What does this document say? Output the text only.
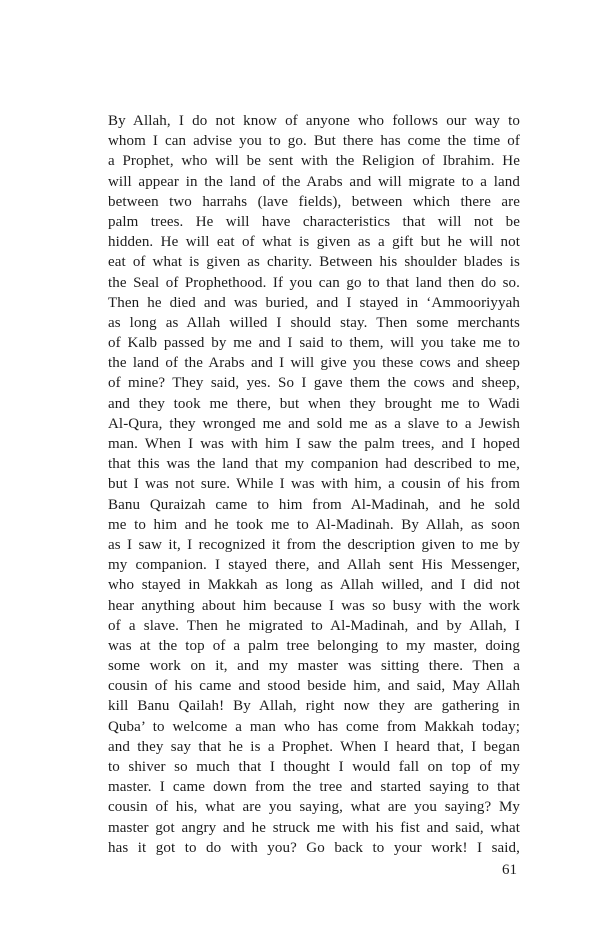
By Allah, I do not know of anyone who follows our way to
whom I can advise you to go. But there has come the time of
a Prophet, who will be sent with the Religion of Ibrahim. He
will appear in the land of the Arabs and will migrate to a land
between two harrahs (lave fields), between which there are
palm trees. He will have characteristics that will not be
hidden. He will eat of what is given as a gift but he will not
eat of what is given as charity. Between his shoulder blades is
the Seal of Prophethood. If you can go to that land then do so.
Then he died and was buried, and I stayed in ‘Ammooriyyah
as long as Allah willed I should stay. Then some merchants
of Kalb passed by me and I said to them, will you take me to
the land of the Arabs and I will give you these cows and sheep
of mine? They said, yes. So I gave them the cows and sheep,
and they took me there, but when they brought me to Wadi
Al-Qura, they wronged me and sold me as a slave to a Jewish
man. When I was with him I saw the palm trees, and I hoped
that this was the land that my companion had described to me,
but I was not sure. While I was with him, a cousin of his from
Banu Quraizah came to him from Al-Madinah, and he sold
me to him and he took me to Al-Madinah. By Allah, as soon
as I saw it, I recognized it from the description given to me by
my companion. I stayed there, and Allah sent His Messenger,
who stayed in Makkah as long as Allah willed, and I did not
hear anything about him because I was so busy with the work
of a slave. Then he migrated to Al-Madinah, and by Allah, I
was at the top of a palm tree belonging to my master, doing
some work on it, and my master was sitting there. Then a
cousin of his came and stood beside him, and said, May Allah
kill Banu Qailah! By Allah, right now they are gathering in
Quba’ to welcome a man who has come from Makkah today;
and they say that he is a Prophet. When I heard that, I began
to shiver so much that I thought I would fall on top of my
master. I came down from the tree and started saying to that
cousin of his, what are you saying, what are you saying? My
master got angry and he struck me with his fist and said, what
has it got to do with you? Go back to your work! I said,
61
